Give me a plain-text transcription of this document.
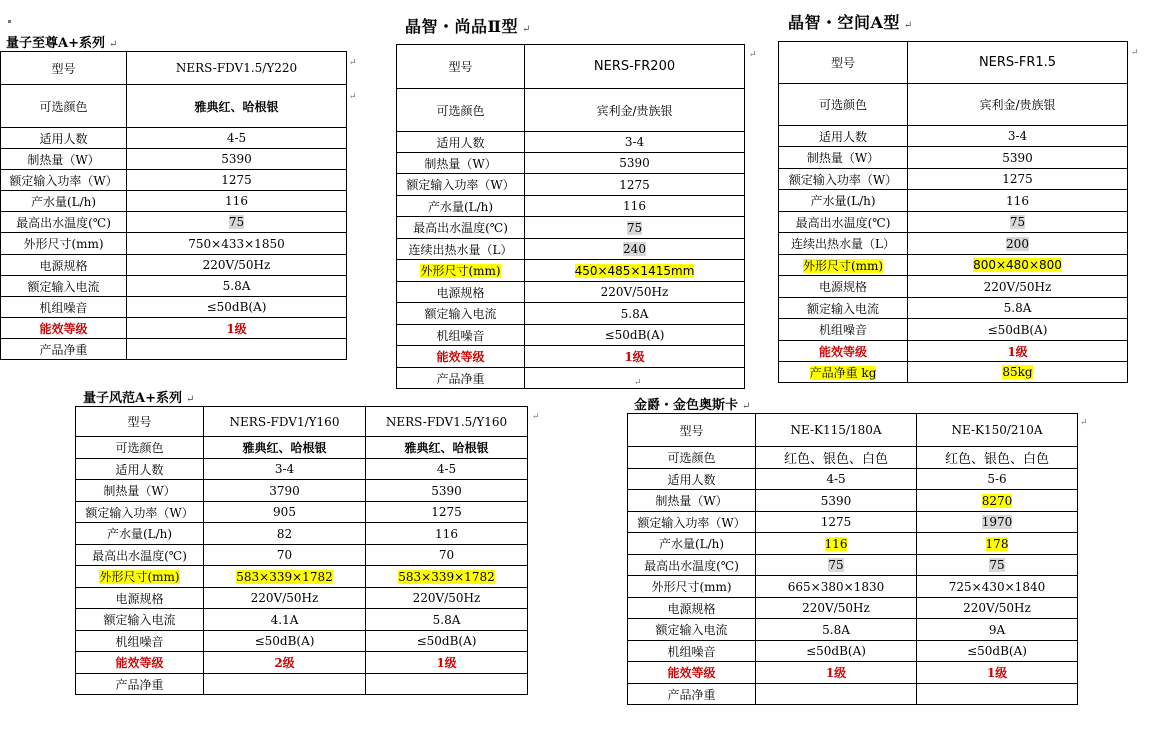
量子至尊A+系列 ↵
型号	NERS-FDV1.5/Y220
可选颜色	雅典红、哈根银
适用人数	4-5
制热量（W）	5390
额定输入功率（W）	1275
产水量(L/h)	116
最高出水温度(℃)	75
外形尺寸(mm)	750×433×1850
电源规格	220V/50Hz
额定输入电流	5.8A
机组噪音	≤50dB(A)
能效等级	1级
产品净重	
晶智・尚品Ⅱ型 ↵
型号	NERS-FR200
可选颜色	宾利金/贵族银
适用人数	3-4
制热量（W）	5390
额定输入功率（W）	1275
产水量(L/h)	116
最高出水温度(℃)	75
连续出热水量（L）	240
外形尺寸(mm)	450×485×1415mm
电源规格	220V/50Hz
额定输入电流	5.8A
机组噪音	≤50dB(A)
能效等级	1级
产品净重	
晶智・空间A型 ↵
型号	NERS-FR1.5
可选颜色	宾利金/贵族银
适用人数	3-4
制热量（W）	5390
额定输入功率（W）	1275
产水量(L/h)	116
最高出水温度(℃)	75
连续出热水量（L）	200
外形尺寸(mm)	800×480×800
电源规格	220V/50Hz
额定输入电流	5.8A
机组噪音	≤50dB(A)
能效等级	1级
产品净重 kg	85kg
量子风范A+系列 ↵
型号	NERS-FDV1/Y160	NERS-FDV1.5/Y160
可选颜色	雅典红、哈根银	雅典红、哈根银
适用人数	3-4	4-5
制热量（W）	3790	5390
额定输入功率（W）	905	1275
产水量(L/h)	82	116
最高出水温度(℃)	70	70
外形尺寸(mm)	583×339×1782	583×339×1782
电源规格	220V/50Hz	220V/50Hz
额定输入电流	4.1A	5.8A
机组噪音	≤50dB(A)	≤50dB(A)
能效等级	2级	1级
产品净重		
金爵・金色奥斯卡 ↵
型号	NE-K115/180A	NE-K150/210A
可选颜色	红色、银色、白色	红色、银色、白色
适用人数	4-5	5-6
制热量（W）	5390	8270
额定输入功率（W）	1275	1970
产水量(L/h)	116	178
最高出水温度(℃)	75	75
外形尺寸(mm)	665×380×1830	725×430×1840
电源规格	220V/50Hz	220V/50Hz
额定输入电流	5.8A	9A
机组噪音	≤50dB(A)	≤50dB(A)
能效等级	1级	1级
产品净重		
↵
↵
↵	↵
↵
↵
↵
